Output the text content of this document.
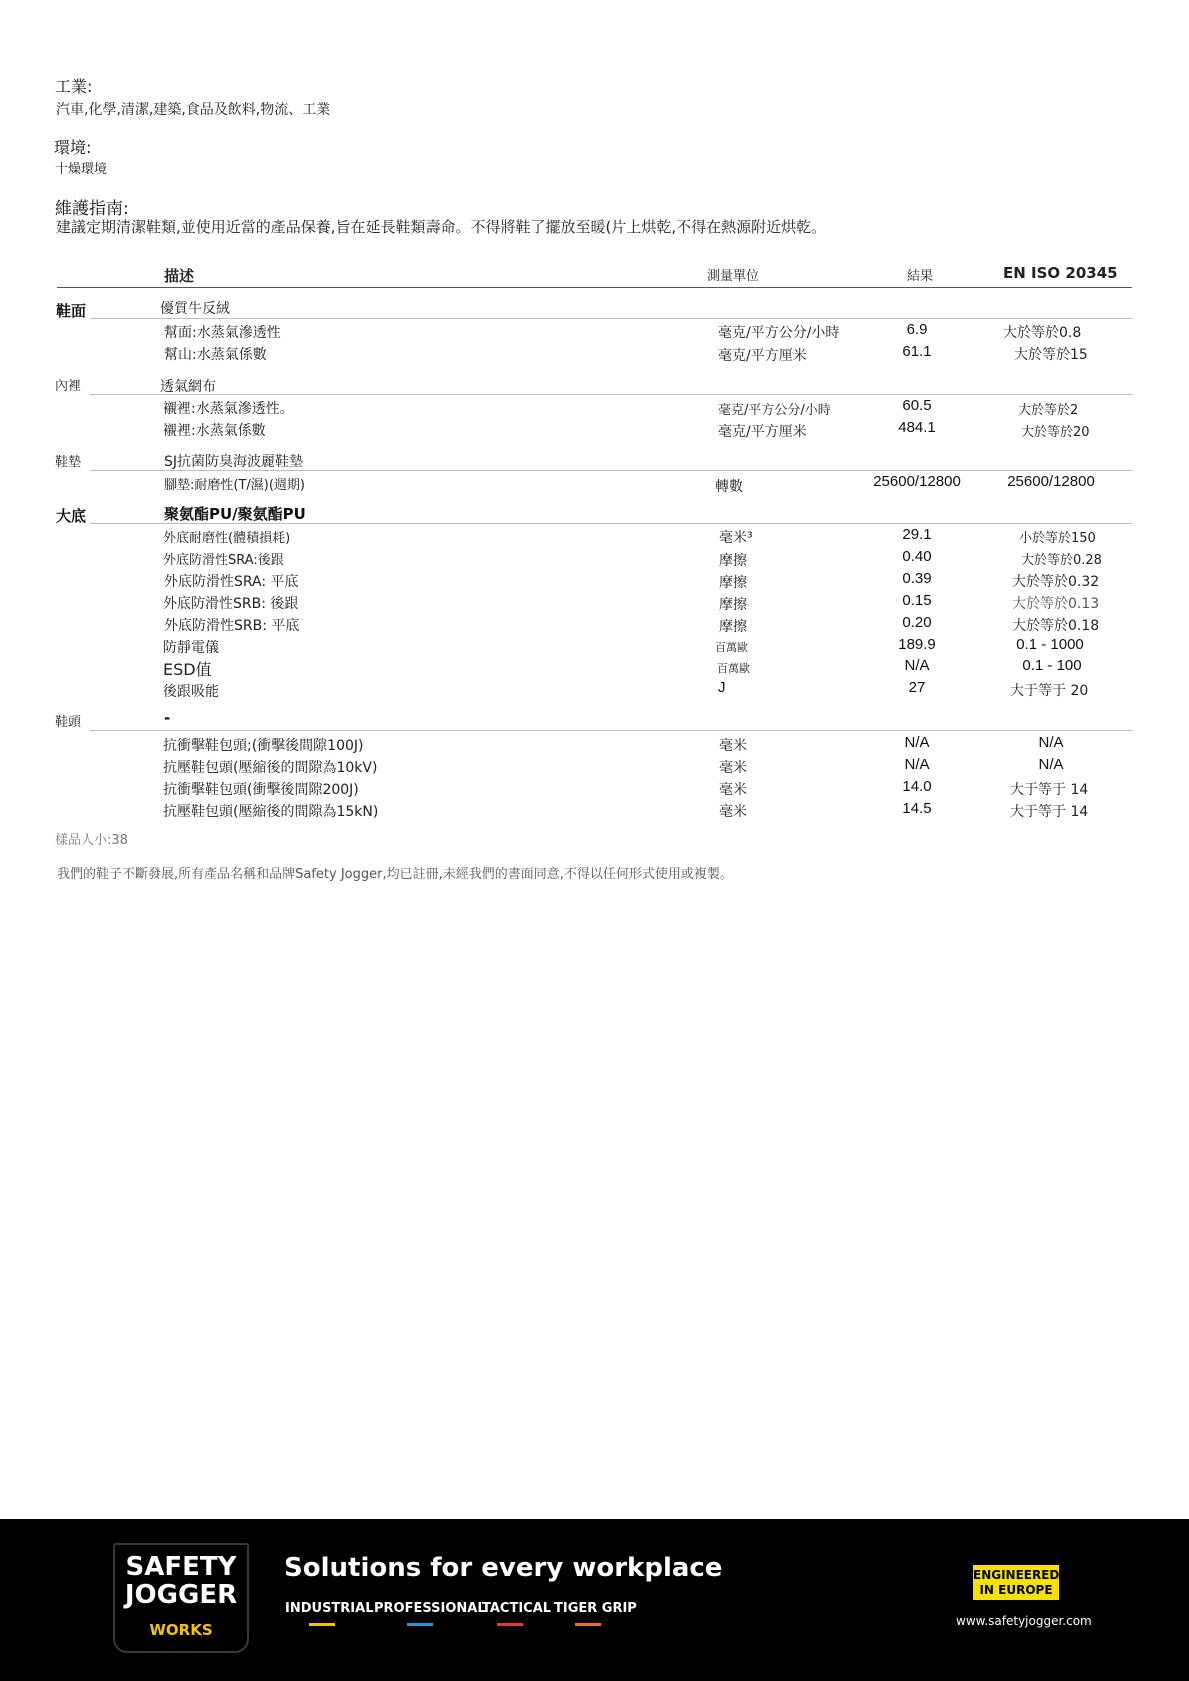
工業:
汽車,化學,清潔,建築,食品及飲料,物流、工業
環境:
十燥環境
維護指南:
建議定期清潔鞋類,並使用近當的產品保養,旨在延長鞋類壽命。不得將鞋了擺放至暖(片上烘乾,不得在熱源附近烘乾。
描述	測量單位	結果	EN ISO 20345
鞋面	優質牛反絨
幫面:水蒸氣滲透性	毫克/平方公分/小時	6.9	大於等於0.8
幫山:水蒸氣係數	毫克/平方厘米	61.1	大於等於15
內裡	透氣網布
襯裡:水蒸氣滲透性。	毫克/平方公分/小時	60.5	大於等於2
襯裡:水蒸氣係數	毫克/平方厘米	484.1	大於等於20
鞋墊	SJ抗菌防臭海波麗鞋墊
腳墊:耐磨性(T/濕)(週期)	轉數	25600/12800	25600/12800
大底	聚氨酯PU/聚氨酯PU
外底耐磨性(體積損耗)	毫米³	29.1	小於等於150
外底防滑性SRA:後跟	摩擦	0.40	大於等於0.28
外底防滑性SRA: 平底	摩擦	0.39	大於等於0.32
外底防滑性SRB: 後跟	摩擦	0.15	大於等於0.13
外底防滑性SRB: 平底	摩擦	0.20	大於等於0.18
防靜電儀	百萬歐	189.9	0.1 - 1000
ESD值	百萬歐	N/A	0.1 - 100
後跟吸能	J	27	大于等于 20
鞋頭	-
抗衝擊鞋包頭;(衝擊後間隙100J)	毫米	N/A	N/A
抗壓鞋包頭(壓縮後的間隙為10kV)	毫米	N/A	N/A
抗衝擊鞋包頭(衝擊後間隙200J)	毫米	14.0	大于等于 14
抗壓鞋包頭(壓縮後的間隙為15kN)	毫米	14.5	大于等于 14
樣品人小:38
我們的鞋子不斷發展,所有產品名稱和品牌Safety Jogger,均已註冊,未經我們的書面同意,不得以任何形式使用或複製。
SAFETY
JOGGER
WORKS
Solutions for every workplace
INDUSTRIAL PROFESSIONAL
TACTICAL TIGER GRIP
ENGINEERED
IN EUROPE
www.safetyjogger.com
